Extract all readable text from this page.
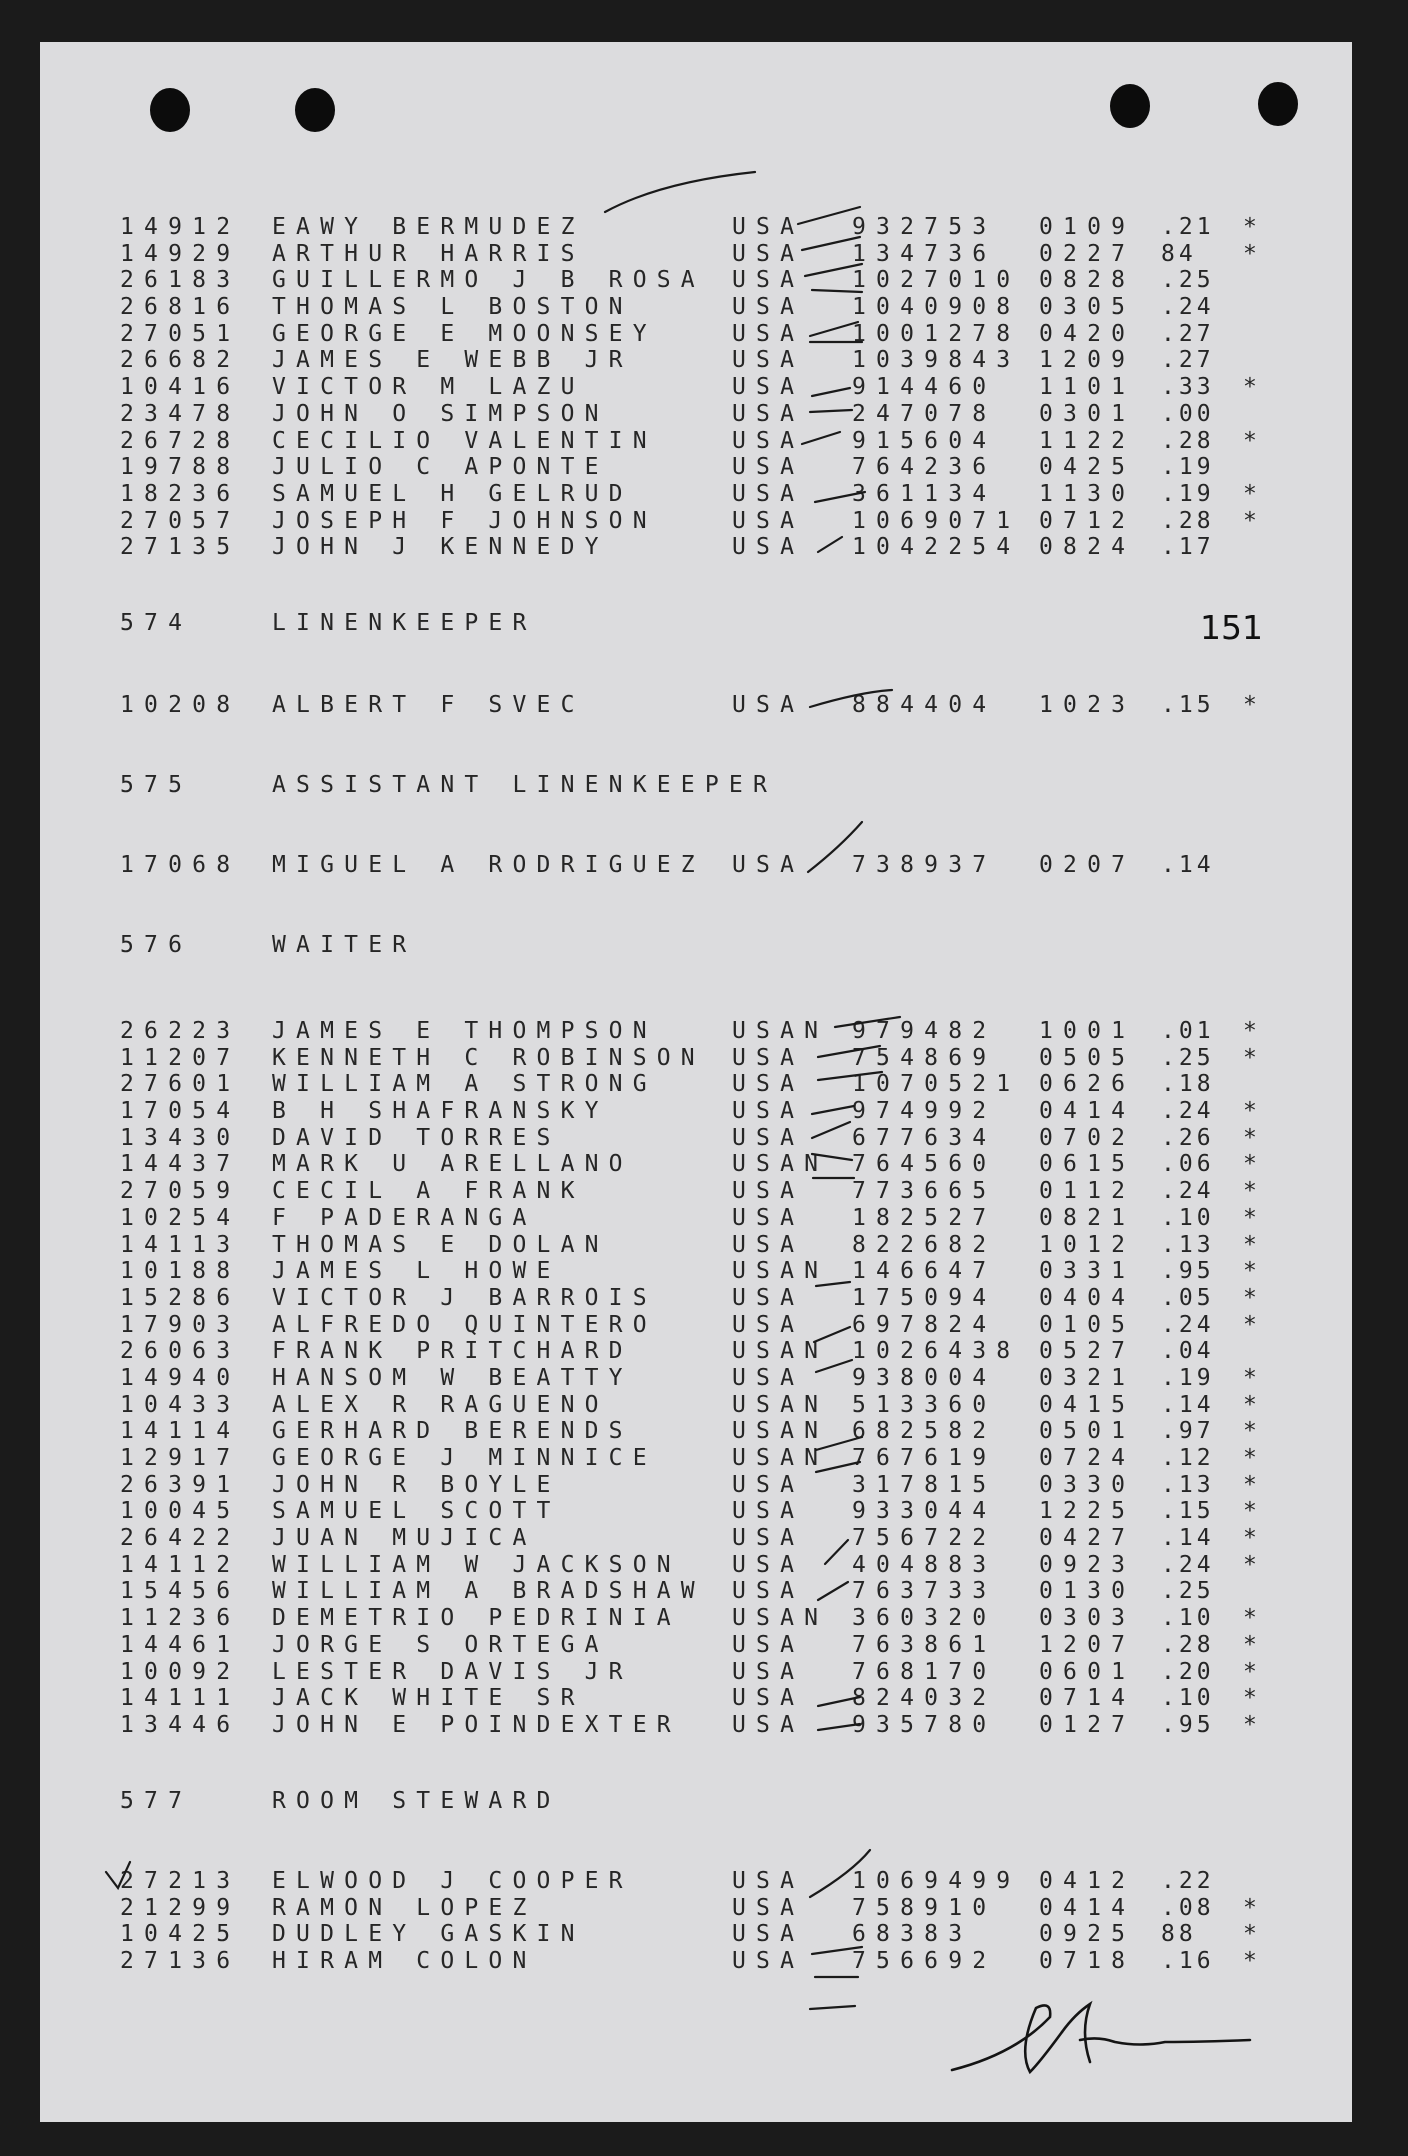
151
14912 EAWY BERMUDEZ	USA 932753 0109 .21 *
14929 ARTHUR HARRIS	USA 134736 0227 84 *
26183 GUILLERMO J B ROSA USA 1027010 0828 .25
26816 THOMAS L BOSTON	USA 1040908 0305 .24
27051 GEORGE E MOONSEY	USA 1001278 0420 .27
26682 JAMES E WEBB JR	USA 1039843 1209 .27
10416 VICTOR M LAZU	USA 914460 1101 .33 *
23478 JOHN O SIMPSON	USA 247078 0301 .00
26728 CECILIO VALENTIN	USA 915604 1122 .28 *
19788 JULIO C APONTE	USA 764236 0425 .19
18236 SAMUEL H GELRUD	USA 361134 1130 .19 *
27057 JOSEPH F JOHNSON	USA 1069071 0712 .28 *
27135 JOHN J KENNEDY	USA 1042254 0824 .17
574	LINENKEEPER
10208 ALBERT F SVEC	USA 884404 1023 .15 *
575	ASSISTANT LINENKEEPER
17068 MIGUEL A RODRIGUEZ USA 738937 0207 .14
576	WAITER
26223 JAMES E THOMPSON	USAN 979482 1001 .01 *
11207 KENNETH C ROBINSON USA 754869 0505 .25 *
27601 WILLIAM A STRONG	USA 1070521 0626 .18
17054 B H SHAFRANSKY	USA 974992 0414 .24 *
13430 DAVID TORRES	USA 677634 0702 .26 *
14437 MARK U ARELLANO	USAN 764560 0615 .06 *
27059 CECIL A FRANK	USA 773665 0112 .24 *
10254 F PADERANGA	USA 182527 0821 .10 *
14113 THOMAS E DOLAN	USA 822682 1012 .13 *
10188 JAMES L HOWE	USAN 146647 0331 .95 *
15286 VICTOR J BARROIS	USA 175094 0404 .05 *
17903 ALFREDO QUINTERO	USA 697824 0105 .24 *
26063 FRANK PRITCHARD	USAN 1026438 0527 .04
14940 HANSOM W BEATTY	USA 938004 0321 .19 *
10433 ALEX R RAGUENO	USAN 513360 0415 .14 *
14114 GERHARD BERENDS	USAN 682582 0501 .97 *
12917 GEORGE J MINNICE	USAN 767619 0724 .12 *
26391 JOHN R BOYLE	USA 317815 0330 .13 *
10045 SAMUEL SCOTT	USA 933044 1225 .15 *
26422 JUAN MUJICA	USA 756722 0427 .14 *
14112 WILLIAM W JACKSON USA 404883 0923 .24 *
15456 WILLIAM A BRADSHAW USA 763733 0130 .25
11236 DEMETRIO PEDRINIA USAN 360320 0303 .10 *
14461 JORGE S ORTEGA	USA 763861 1207 .28 *
10092 LESTER DAVIS JR	USA 768170 0601 .20 *
14111 JACK WHITE SR	USA 824032 0714 .10 *
13446 JOHN E POINDEXTER USA 935780 0127 .95 *
577	ROOM STEWARD
27213 ELWOOD J COOPER	USA 1069499 0412 .22
21299 RAMON LOPEZ	USA 758910 0414 .08 *
10425 DUDLEY GASKIN	USA 68383	0925 88 *
27136 HIRAM COLON	USA 756692 0718 .16 *
